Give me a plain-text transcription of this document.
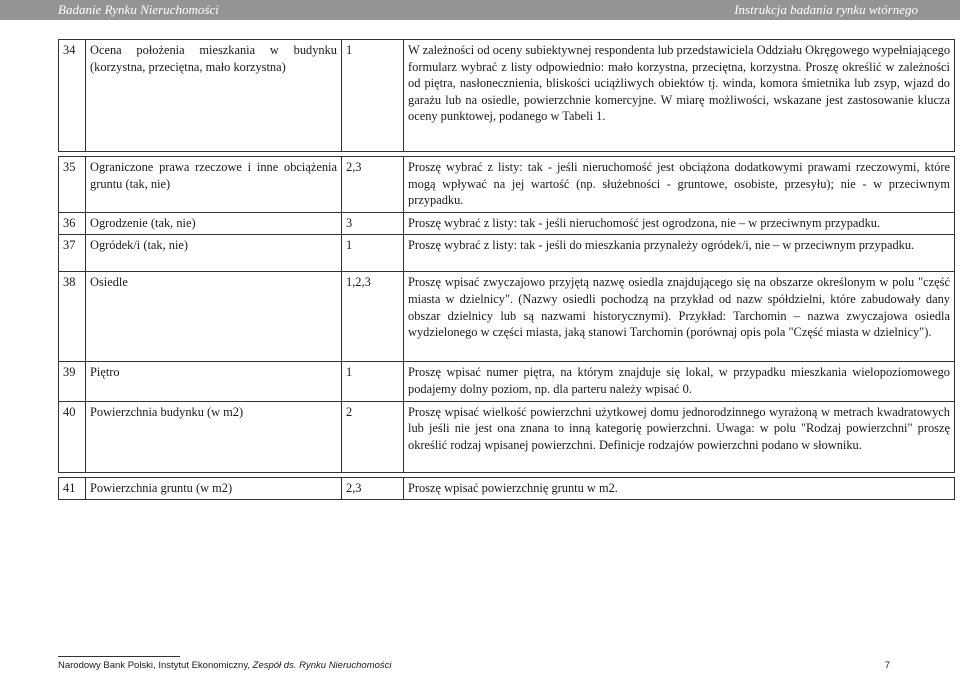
Badanie Rynku Nieruchomości	Instrukcja badania rynku wtórnego
34	Ocena położenia mieszkania w budynku (korzystna, przeciętna, mało korzystna)	1	W zależności od oceny subiektywnej respondenta lub przedstawiciela Oddziału Okręgowego wypełniającego formularz wybrać z listy odpowiednio: mało korzystna, przeciętna, korzystna. Proszę określić w zależności od piętra, nasłonecznienia, bliskości uciążliwych obiektów tj. winda, komora śmietnika lub zsyp, wjazd do garażu lub na osiedle, powierzchnie komercyjne. W miarę możliwości, wskazane jest zastosowanie klucza oceny punktowej, podanego w Tabeli 1.

35	Ograniczone prawa rzeczowe i inne obciążenia gruntu (tak, nie)	2,3	Proszę wybrać z listy: tak - jeśli nieruchomość jest obciążona dodatkowymi prawami rzeczowymi, które mogą wpływać na jej wartość (np. służebności - gruntowe, osobiste, przesyłu); nie - w przeciwnym przypadku.
36	Ogrodzenie (tak, nie)	3	Proszę wybrać z listy: tak - jeśli nieruchomość jest ogrodzona, nie – w przeciwnym przypadku.
37	Ogródek/i (tak, nie)	1	Proszę wybrać z listy: tak - jeśli do mieszkania przynależy ogródek/i, nie – w przeciwnym przypadku.
38	Osiedle	1,2,3	Proszę wpisać zwyczajowo przyjętą nazwę osiedla znajdującego się na obszarze określonym w polu "część miasta w dzielnicy". (Nazwy osiedli pochodzą na przykład od nazw spółdzielni, które zabudowały dany obszar dzielnicy lub są nazwami historycznymi). Przykład: Tarchomin – nazwa zwyczajowa osiedla wydzielonego w części miasta, jaką stanowi Tarchomin (porównaj opis pola "Część miasta w dzielnicy").
39	Piętro	1	Proszę wpisać numer piętra, na którym znajduje się lokal, w przypadku mieszkania wielopoziomowego podajemy dolny poziom, np. dla parteru należy wpisać 0.
40	Powierzchnia budynku (w m2)	2	Proszę wpisać wielkość powierzchni użytkowej domu jednorodzinnego wyrażoną w metrach kwadratowych lub jeśli nie jest ona znana to inną kategorię powierzchni. Uwaga: w polu "Rodzaj powierzchni" proszę określić rodzaj wpisanej powierzchni. Definicje rodzajów powierzchni podano w słowniku.

41	Powierzchnia gruntu (w m2)	2,3	Proszę wpisać powierzchnię gruntu w m2.
Narodowy Bank Polski, Instytut Ekonomiczny, Zespół ds. Rynku Nieruchomości	7
